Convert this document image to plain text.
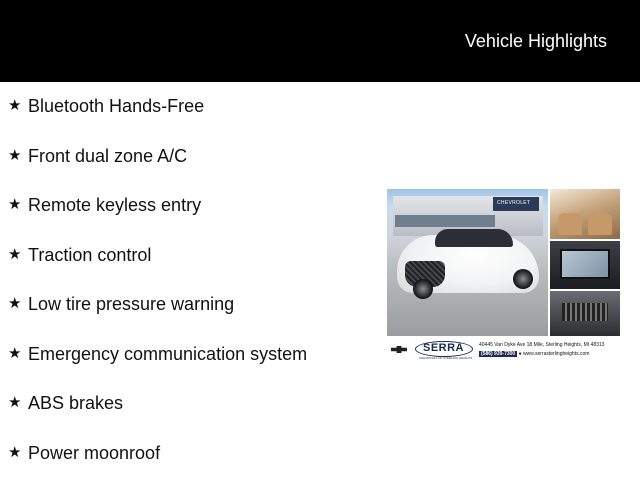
Vehicle Highlights
★ Bluetooth Hands-Free
★ Front dual zone A/C
★ Remote keyless entry
★ Traction control
★ Low tire pressure warning
★ Emergency communication system
★ ABS brakes
★ Power moonroof
CHEVROLET
SERRA
CHEVROLET OF STERLING HEIGHTS
40445 Van Dyke Ave 18 Mile, Sterling Heights, MI 48313
(586) 939-7300 ● www.serrasterlingheights.com
